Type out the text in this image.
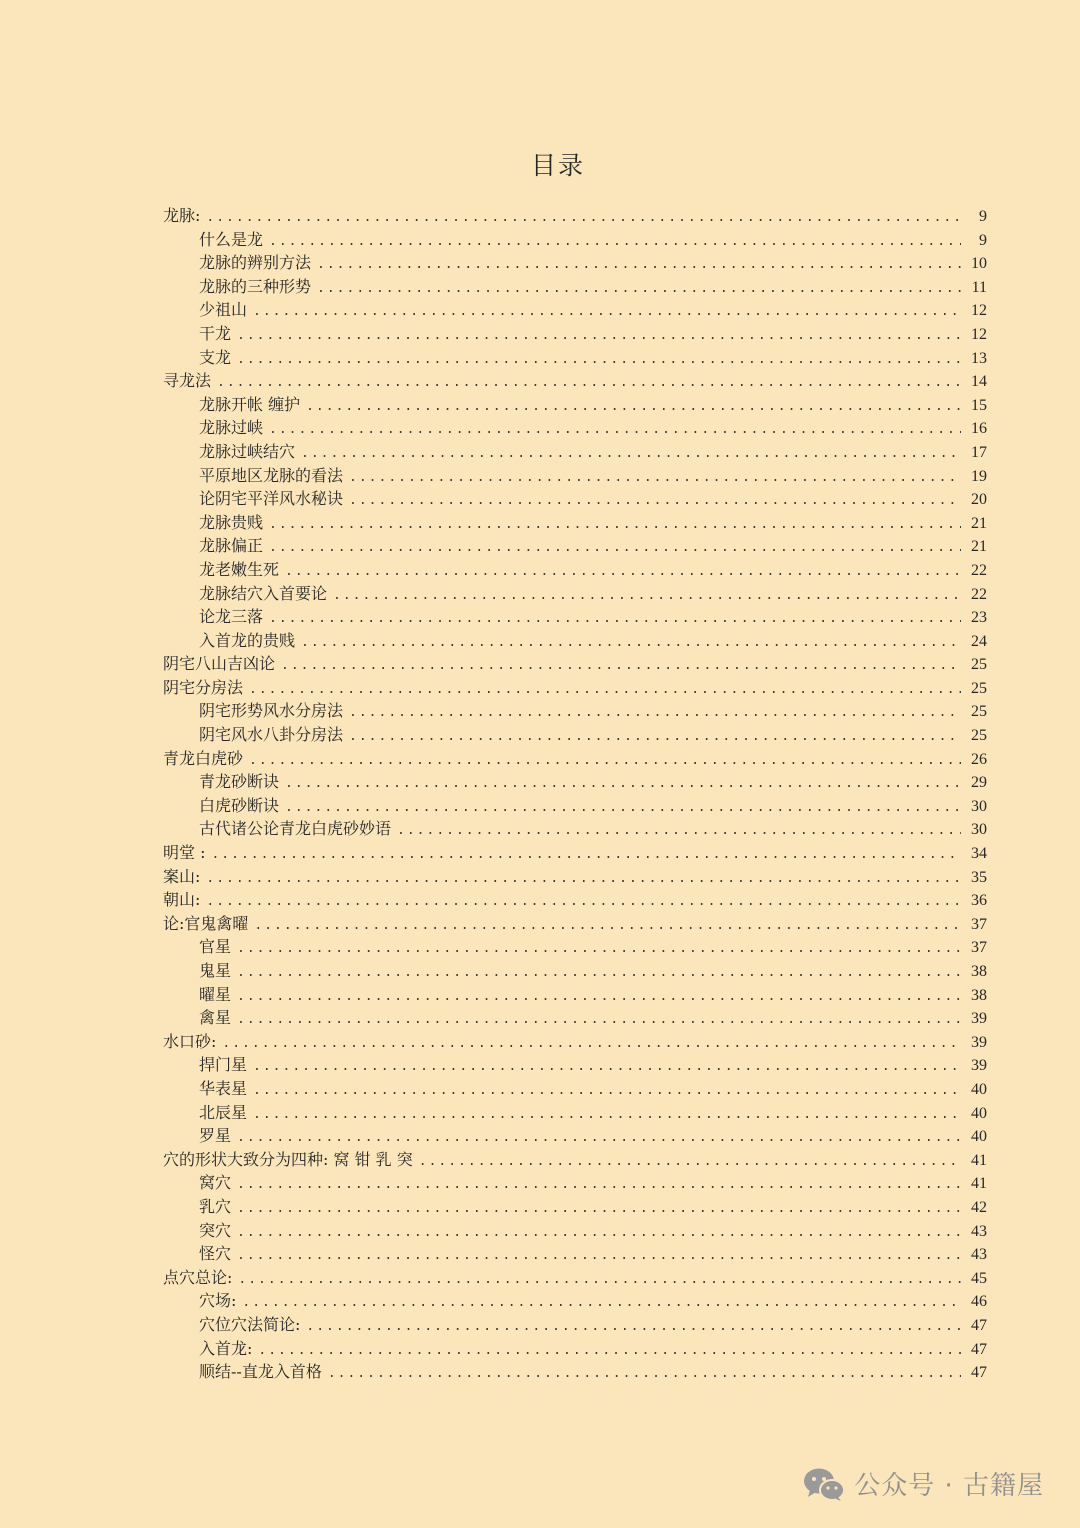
目录
龙脉: .....	9
什么是龙 .....	9
龙脉的辨别方法 .....	10
龙脉的三种形势 .....	11
少祖山 .....	12
干龙 .....	12
支龙 .....	13
寻龙法 .....	14
龙脉开帐 缠护 .....	15
龙脉过峡 .....	16
龙脉过峡结穴 .....	17
平原地区龙脉的看法 .....	19
论阴宅平洋风水秘诀 .....	20
龙脉贵贱 .....	21
龙脉偏正 .....	21
龙老嫩生死 .....	22
龙脉结穴入首要论 .....	22
论龙三落 .....	23
入首龙的贵贱 .....	24
阴宅八山吉凶论 .....	25
阴宅分房法 .....	25
阴宅形势风水分房法 .....	25
阴宅风水八卦分房法 .....	25
青龙白虎砂 .....	26
青龙砂断诀 .....	29
白虎砂断诀 .....	30
古代诸公论青龙白虎砂妙语 .....	30
明堂 : .....	34
案山: .....	35
朝山: .....	36
论:官鬼禽曜 .....	37
官星 .....	37
鬼星 .....	38
曜星 .....	38
禽星 .....	39
水口砂: .....	39
捍门星 .....	39
华表星 .....	40
北辰星 .....	40
罗星 .....	40
穴的形状大致分为四种: 窝 钳 乳 突 .....	41
窝穴 .....	41
乳穴 .....	42
突穴 .....	43
怪穴 .....	43
点穴总论: .....	45
穴场: .....	46
穴位穴法简论: .....	47
入首龙: .....	47
顺结--直龙入首格 .....	47
公众号 · 古籍屋
